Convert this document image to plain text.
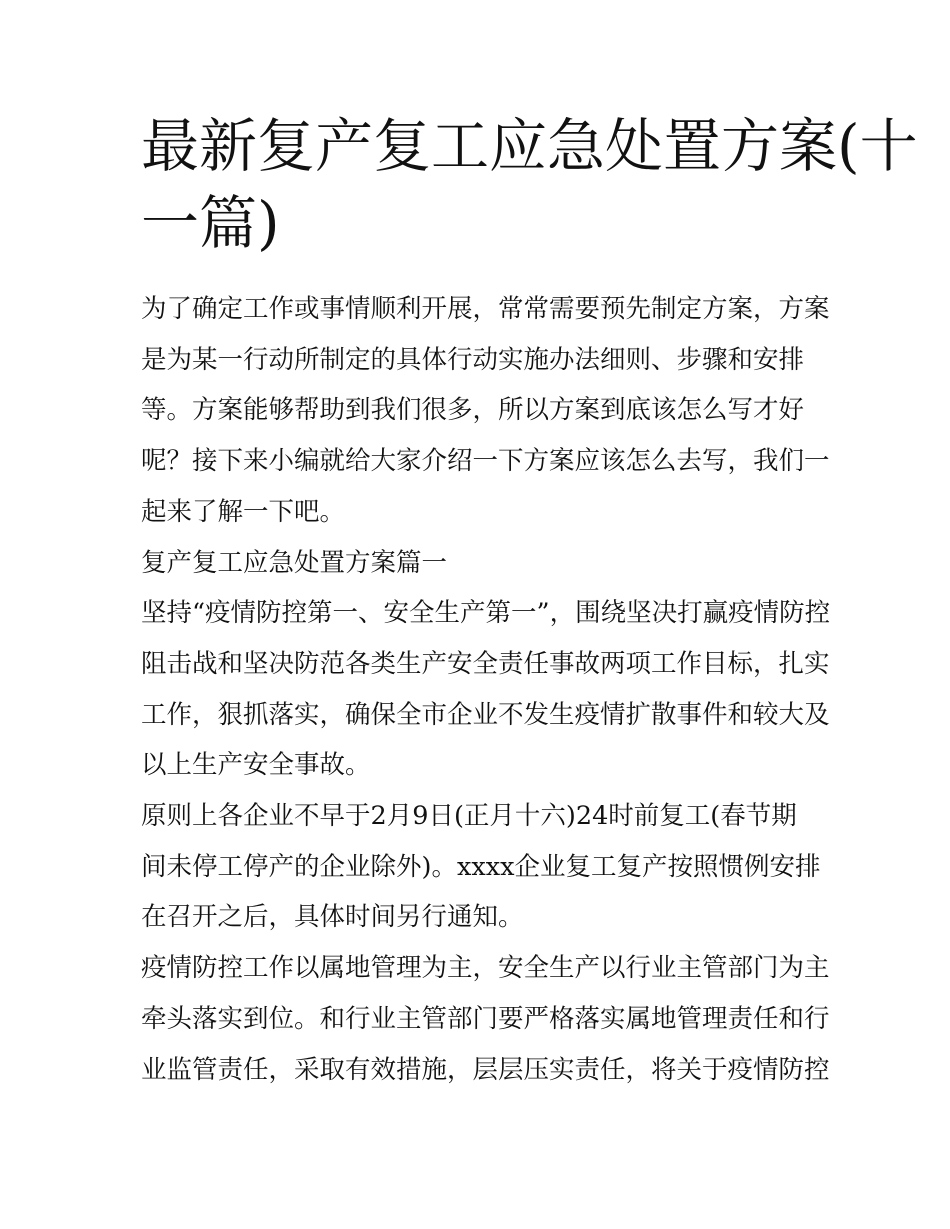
最新复产复工应急处置方案(十
一篇)
为了确定工作或事情顺利开展，常常需要预先制定方案，方案
是为某一行动所制定的具体行动实施办法细则、步骤和安排
等。方案能够帮助到我们很多，所以方案到底该怎么写才好
呢？接下来小编就给大家介绍一下方案应该怎么去写，我们一
起来了解一下吧。
复产复工应急处置方案篇一
坚持“疫情防控第一、安全生产第一”，围绕坚决打赢疫情防控
阻击战和坚决防范各类生产安全责任事故两项工作目标，扎实
工作，狠抓落实，确保全市企业不发生疫情扩散事件和较大及
以上生产安全事故。
原则上各企业不早于2月9日(正月十六)24时前复工(春节期
间未停工停产的企业除外)。xxxx企业复工复产按照惯例安排
在召开之后，具体时间另行通知。
疫情防控工作以属地管理为主，安全生产以行业主管部门为主
牵头落实到位。和行业主管部门要严格落实属地管理责任和行
业监管责任，采取有效措施，层层压实责任，将关于疫情防控
